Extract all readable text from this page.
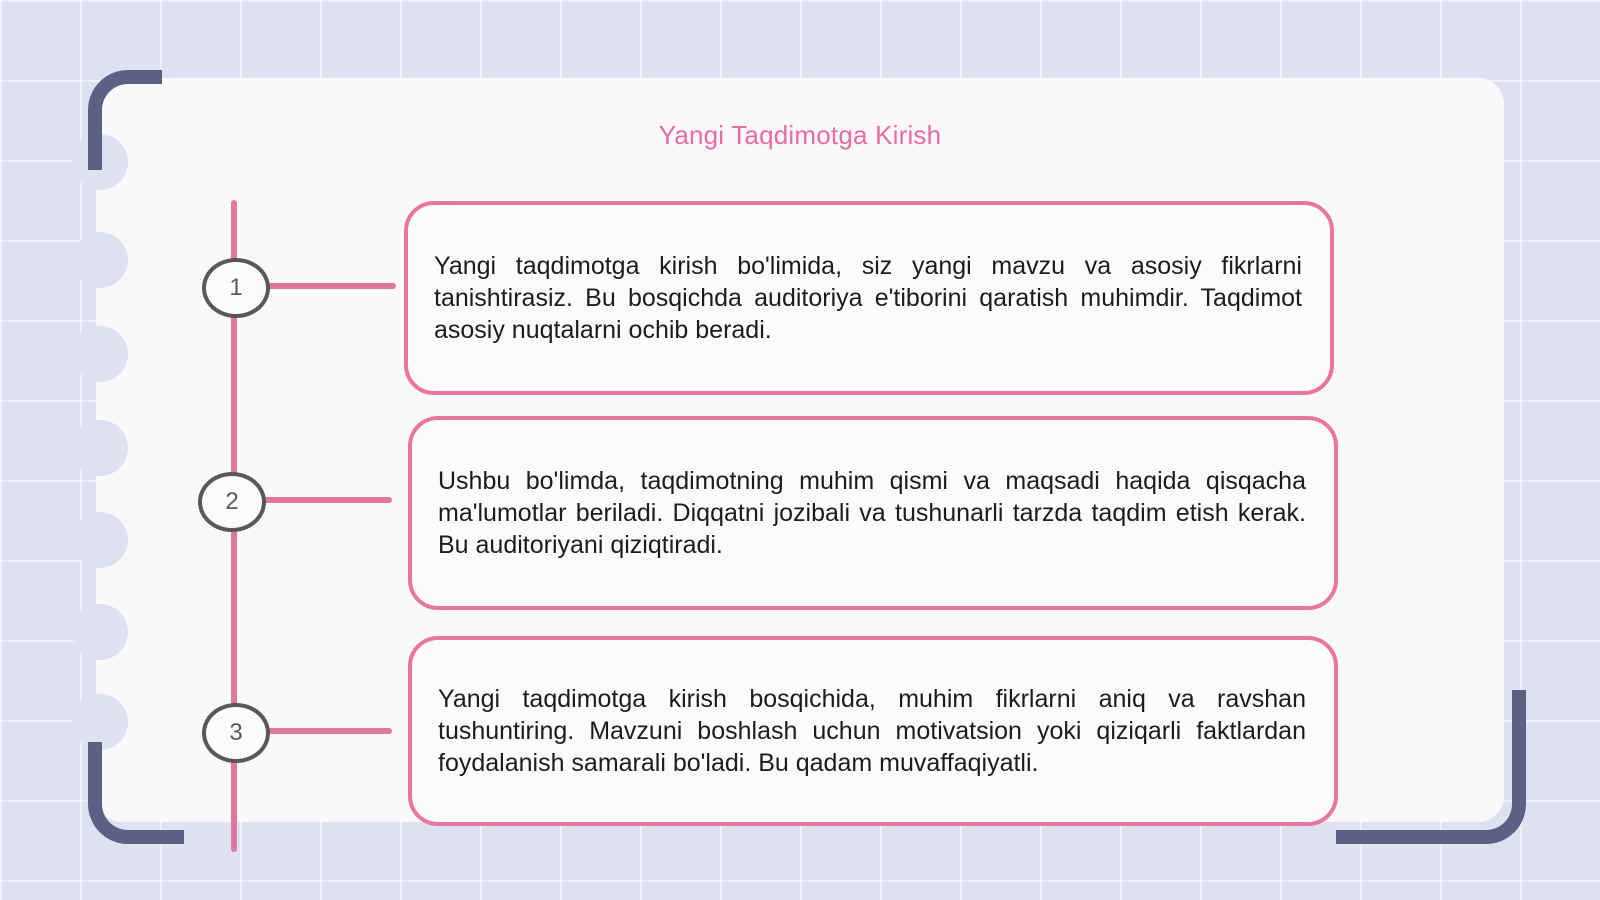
Yangi Taqdimotga Kirish
1

Yangi taqdimotga kirish bo'limida, siz yangi mavzu va asosiy fikrlarni tanishtirasiz. Bu bosqichda auditoriya e'tiborini qaratish muhimdir. Taqdimot asosiy nuqtalarni ochib beradi.

2

Ushbu bo'limda, taqdimotning muhim qismi va maqsadi haqida qisqacha ma'lumotlar beriladi. Diqqatni jozibali va tushunarli tarzda taqdim etish kerak. Bu auditoriyani qiziqtiradi.

3

Yangi taqdimotga kirish bosqichida, muhim fikrlarni aniq va ravshan tushuntiring. Mavzuni boshlash uchun motivatsion yoki qiziqarli faktlardan foydalanish samarali bo'ladi. Bu qadam muvaffaqiyatli.
